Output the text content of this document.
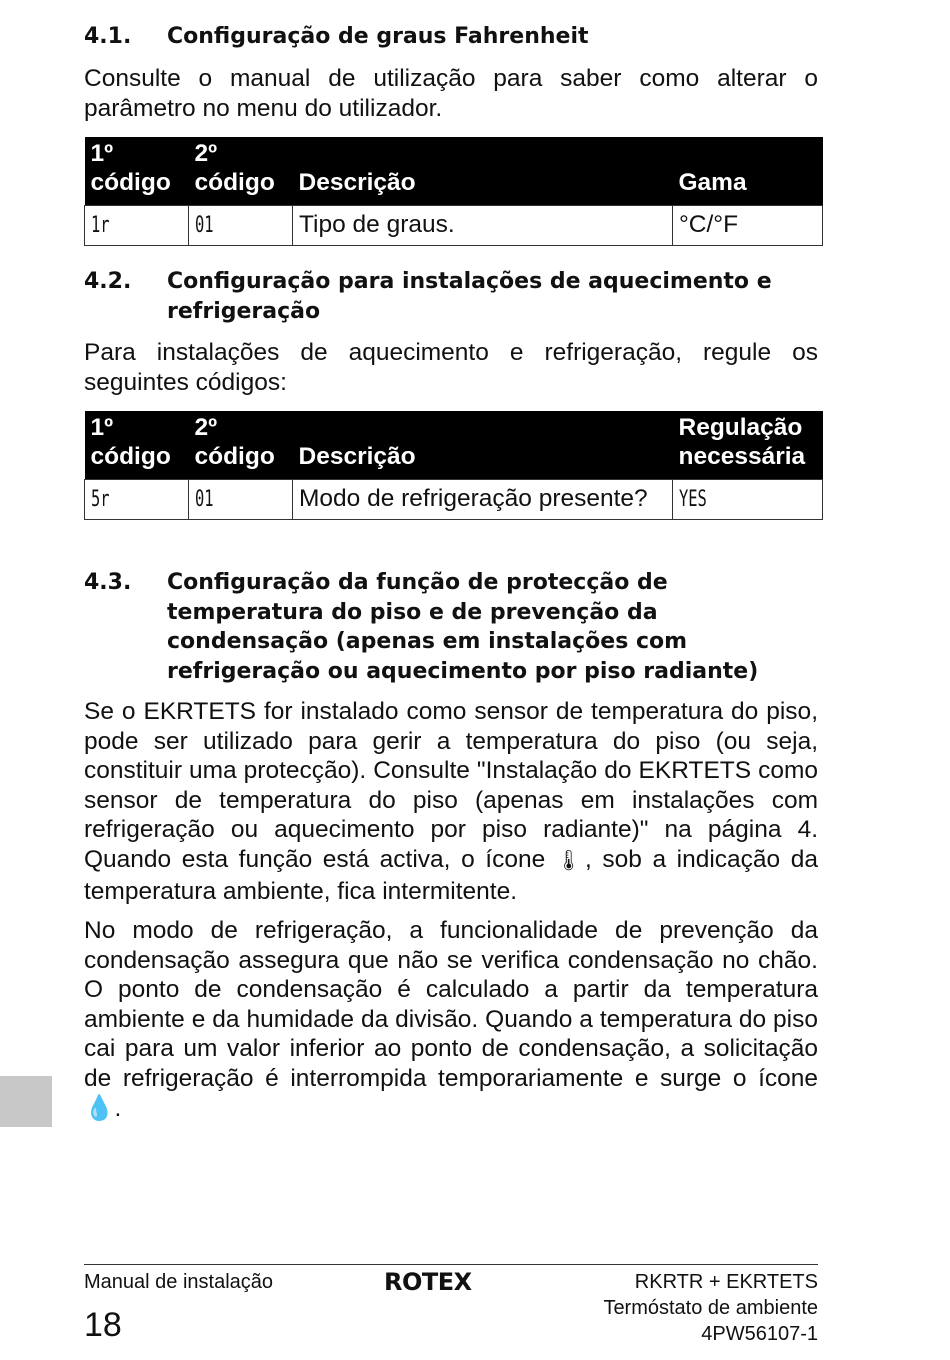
4.1.	Configuração de graus Fahrenheit
Consulte o manual de utilização para saber como alterar o parâmetro no menu do utilizador.
1º código	2º código	Descrição	Gama
1r	01	Tipo de graus.	°C/°F
4.2.	Configuração para instalações de aquecimento e refrigeração
Para instalações de aquecimento e refrigeração, regule os seguintes códigos:
1º código	2º código	Descrição	Regulação necessária
5r	01	Modo de refrigeração presente?	YES
4.3.	Configuração da função de protecção de temperatura do piso e de prevenção da condensação (apenas em instalações com refrigeração ou aquecimento por piso radiante)
Se o EKRTETS for instalado como sensor de temperatura do piso, pode ser utilizado para gerir a temperatura do piso (ou seja, constituir uma protecção). Consulte "Instalação do EKRTETS como sensor de temperatura do piso (apenas em instalações com refrigeração ou aquecimento por piso radiante)" na página 4. Quando esta função está activa, o ícone 🌡, sob a indicação da temperatura ambiente, fica intermitente.
No modo de refrigeração, a funcionalidade de prevenção da condensação assegura que não se verifica condensação no chão. O ponto de condensação é calculado a partir da temperatura ambiente e da humidade da divisão. Quando a temperatura do piso cai para um valor inferior ao ponto de condensação, a solicitação de refrigeração é interrompida temporariamente e surge o ícone 💧.
Manual de instalação
18
ROTEX	RKRTR + EKRTETS
Termóstato de ambiente
4PW56107-1
